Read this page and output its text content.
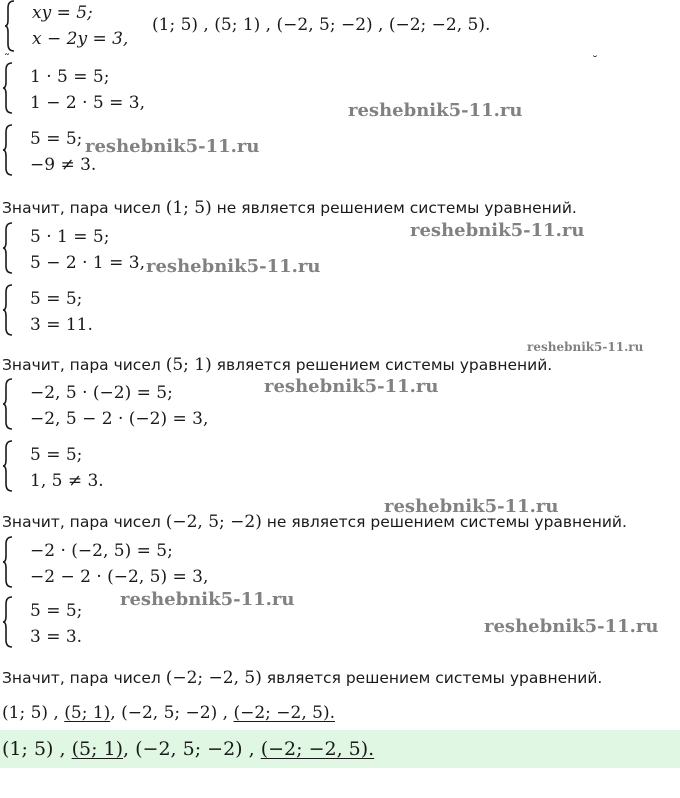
xy = 5;
x − 2y = 3,
(1; 5) , (5; 1) , (−2, 5; −2) , (−2; −2, 5).
˜	˘
1 · 5 = 5;
1 − 2 · 5 = 3,
5 = 5;
−9 ≠ 3.
Значит, пара чисел (1; 5) не является решением системы уравнений.
5 · 1 = 5;
5 − 2 · 1 = 3,
5 = 5;
3 = 11.
Значит, пара чисел (5; 1) является решением системы уравнений.
−2, 5 · (−2) = 5;
−2, 5 − 2 · (−2) = 3,
5 = 5;
1, 5 ≠ 3.
Значит, пара чисел (−2, 5; −2) не является решением системы уравнений.
−2 · (−2, 5) = 5;
−2 − 2 · (−2, 5) = 3,
5 = 5;
3 = 3.
Значит, пара чисел (−2; −2, 5) является решением системы уравнений.
(1; 5) , (5; 1), (−2, 5; −2) , (−2; −2, 5).
(1; 5) , (5; 1), (−2, 5; −2) , (−2; −2, 5).
reshebnik5-11.ru
reshebnik5-11.ru
reshebnik5-11.ru
reshebnik5-11.ru
reshebnik5-11.ru
reshebnik5-11.ru
reshebnik5-11.ru
reshebnik5-11.ru
reshebnik5-11.ru
